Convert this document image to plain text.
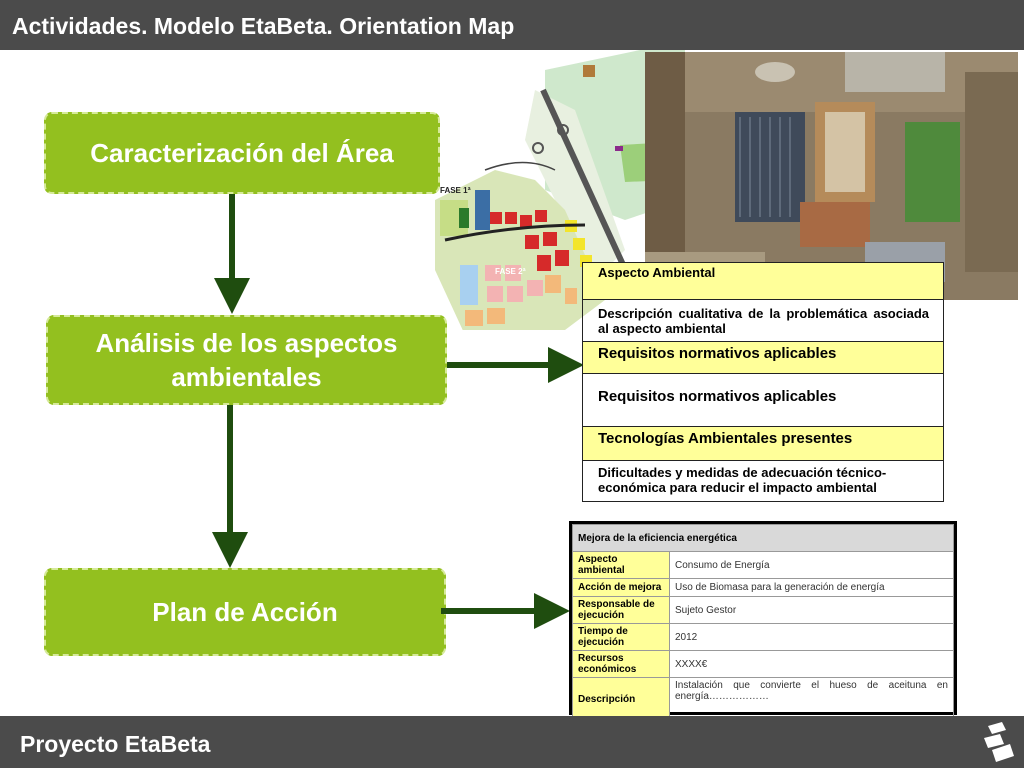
Actividades. Modelo EtaBeta. Orientation Map
FASE 1ª
FASE 2ª
Caracterización del Área
Análisis de los aspectos ambientales
Plan de Acción
Aspecto Ambiental
Descripción cualitativa de la problemática asociada al aspecto ambiental
Requisitos normativos aplicables
Requisitos normativos aplicables
Tecnologías Ambientales presentes
Dificultades y medidas de adecuación técnico-económica para reducir el impacto ambiental
Mejora de la eficiencia energética	
Aspecto ambiental	Consumo de Energía
Acción de mejora	Uso de Biomasa para la generación de energía
Responsable de ejecución	Sujeto Gestor
Tiempo de ejecución	2012
Recursos económicos	XXXX€
Descripción	Instalación que convierte el hueso de aceituna en energía………………
Proyecto EtaBeta
